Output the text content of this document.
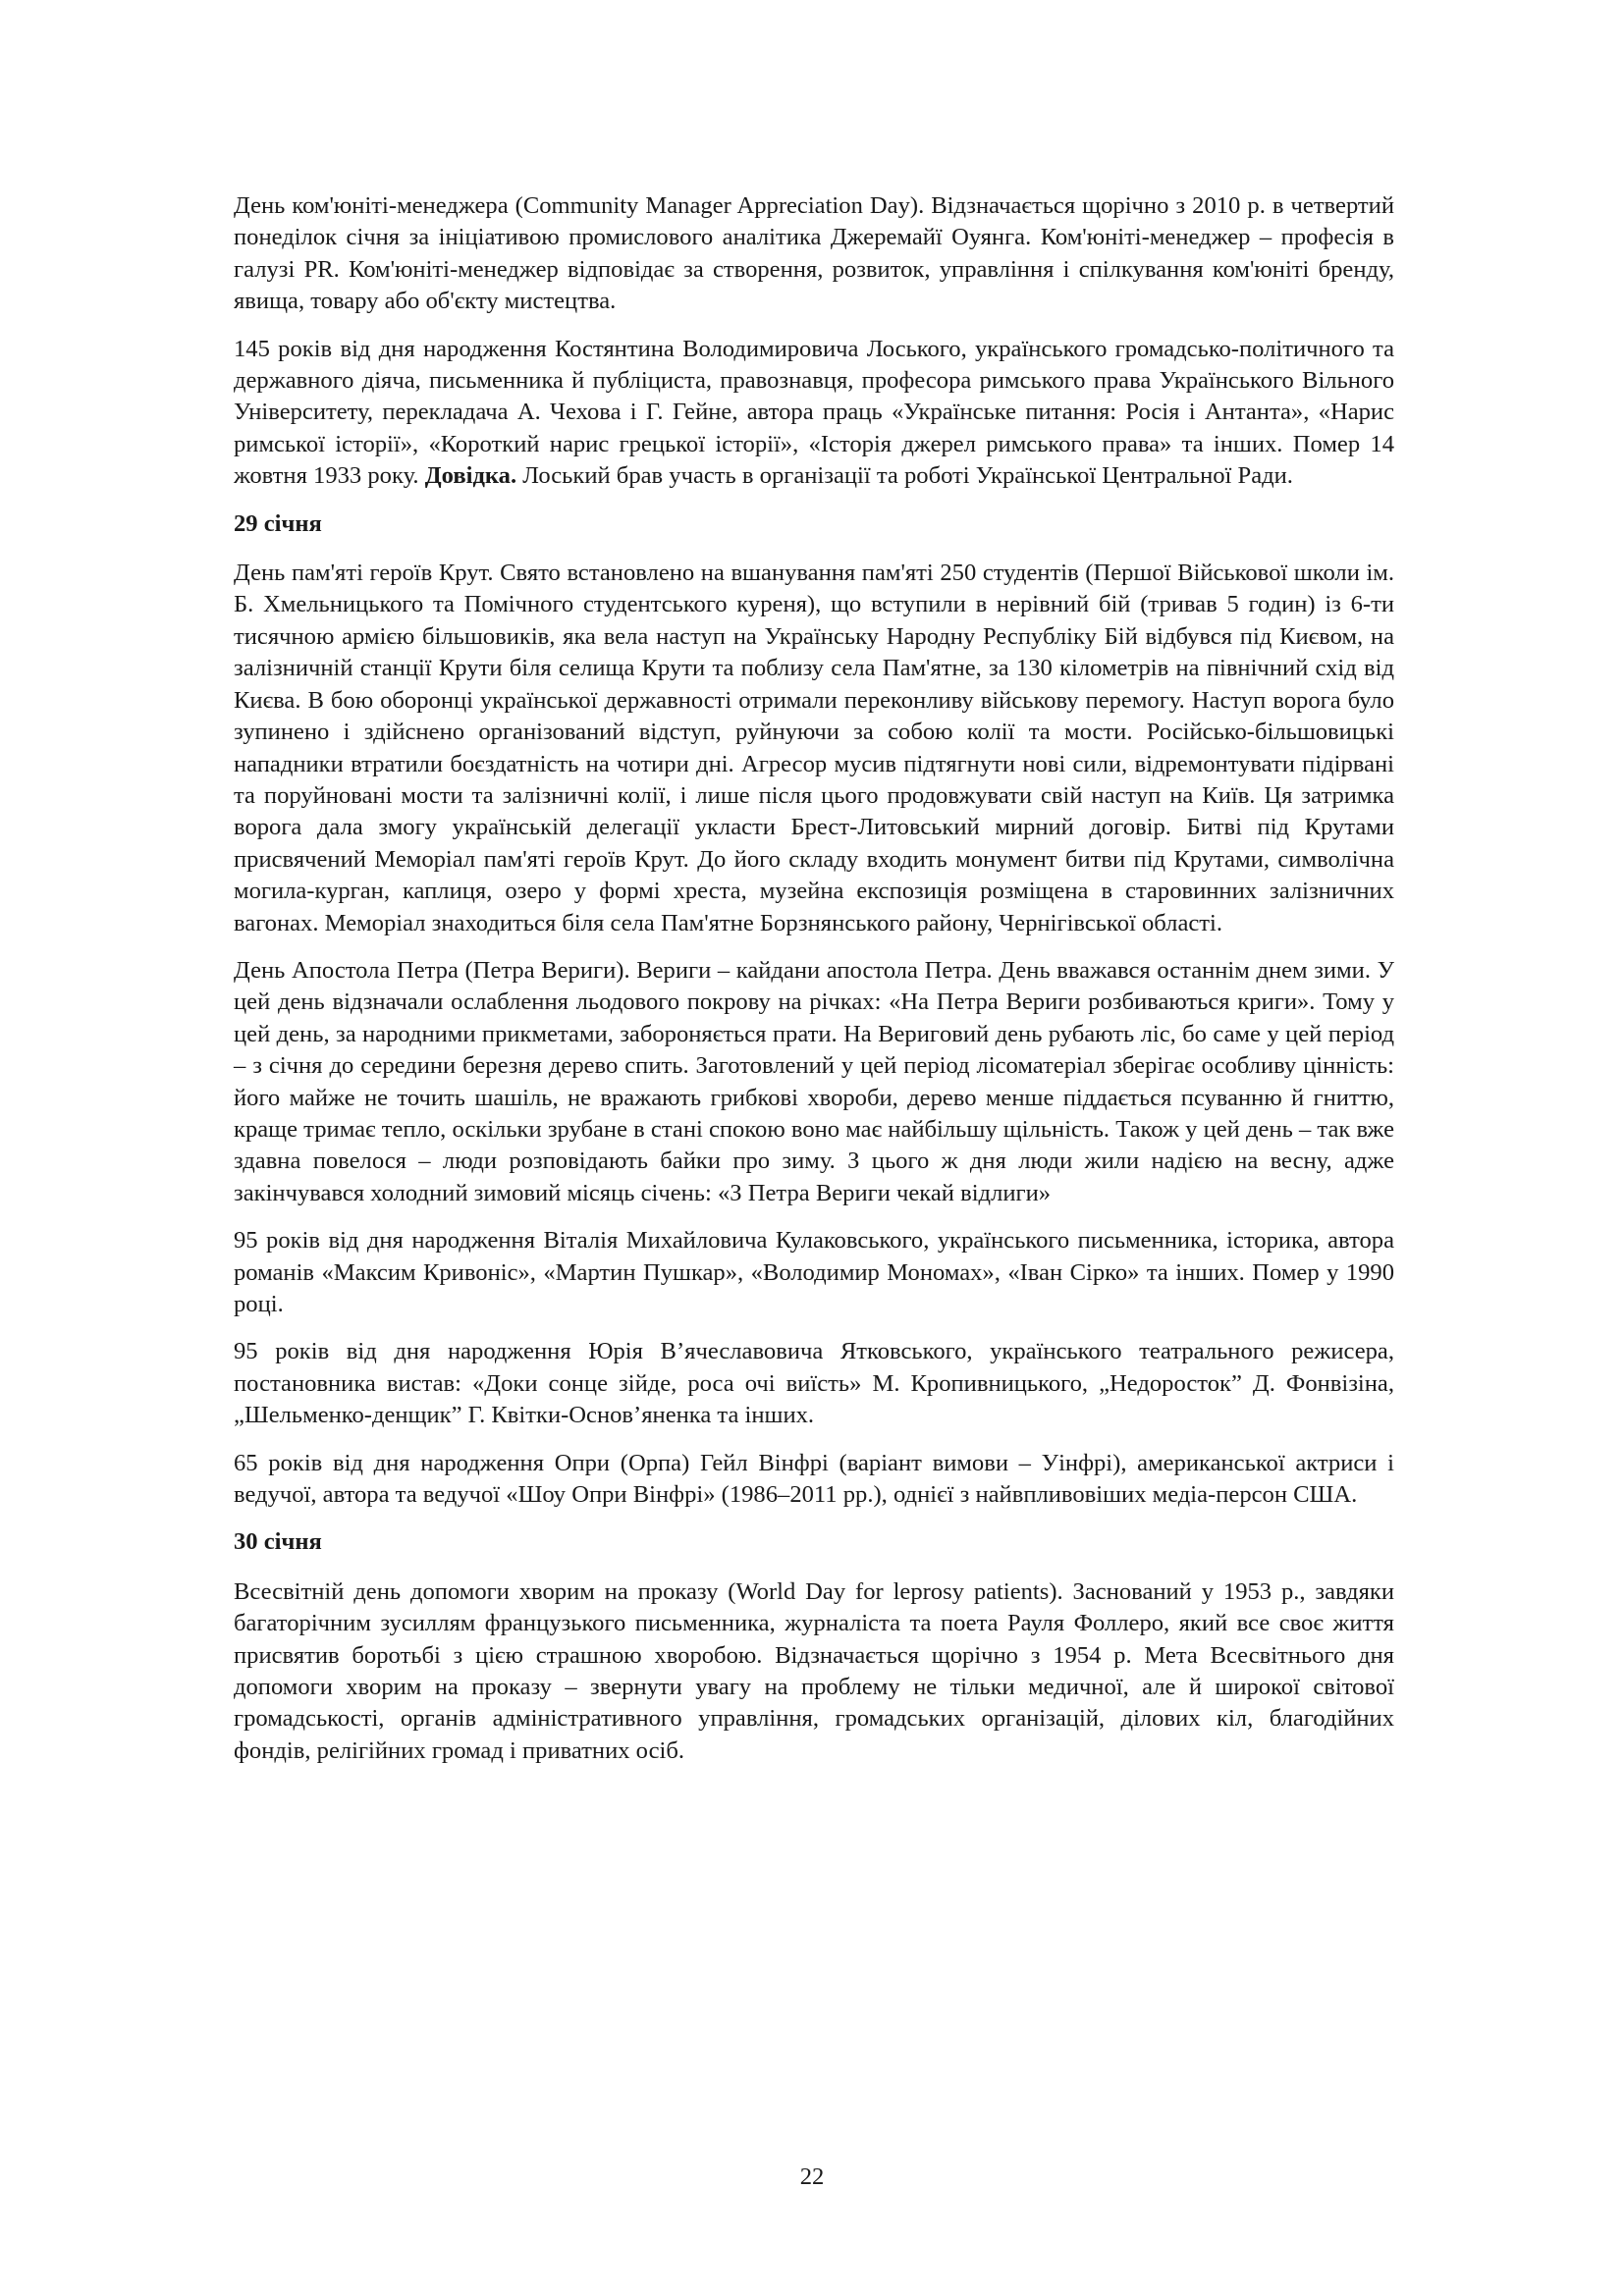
День ком'юніті-менеджера (Community Manager Appreciation Day). Відзначається щорічно з 2010 р. в четвертий понеділок січня за ініціативою промислового аналітика Джеремайї Оуянга. Ком'юніті-менеджер – професія в галузі PR. Ком'юніті-менеджер відповідає за створення, розвиток, управління і спілкування ком'юніті бренду, явища, товару або об'єкту мистецтва.

145 років від дня народження Костянтина Володимировича Лоського, українського громадсько-політичного та державного діяча, письменника й публіциста, правознавця, професора римського права Українського Вільного Університету, перекладача А. Чехова і Г. Гейне, автора праць «Українське питання: Росія і Антанта», «Нарис римської історії», «Короткий нарис грецької історії», «Історія джерел римського права» та інших. Помер 14 жовтня 1933 року. Довідка. Лоський брав участь в організації та роботі Української Центральної Ради.

29 січня

День пам'яті героїв Крут. Свято встановлено на вшанування пам'яті 250 студентів (Першої Військової школи ім. Б. Хмельницького та Помічного студентського куреня), що вступили в нерівний бій (тривав 5 годин) із 6-ти тисячною армією більшовиків, яка вела наступ на Українську Народну Республіку Бій відбувся під Києвом, на залізничній станції Крути біля селища Крути та поблизу села Пам'ятне, за 130 кілометрів на північний схід від Києва. В бою оборонці української державності отримали переконливу військову перемогу. Наступ ворога було зупинено і здійснено організований відступ, руйнуючи за собою колії та мости. Російсько-більшовицькі нападники втратили боєздатність на чотири дні. Агресор мусив підтягнути нові сили, відремонтувати підірвані та поруйновані мости та залізничні колії, і лише після цього продовжувати свій наступ на Київ. Ця затримка ворога дала змогу українській делегації укласти Брест-Литовський мирний договір. Битві під Крутами присвячений Меморіал пам'яті героїв Крут. До його складу входить монумент битви під Крутами, символічна могила-курган, каплиця, озеро у формі хреста, музейна експозиція розміщена в старовинних залізничних вагонах. Меморіал знаходиться біля села Пам'ятне Борзнянського району, Чернігівської області.

День Апостола Петра (Петра Вериги). Вериги – кайдани апостола Петра. День вважався останнім днем зими. У цей день відзначали ослаблення льодового покрову на річках: «На Петра Вериги розбиваються криги». Тому у цей день, за народними прикметами, забороняється прати. На Веригoвий день рубають ліс, бо саме у цей період – з січня до середини березня дерево спить. Заготовлений у цей період лісоматеріал зберігає особливу цінність: його майже не точить шашіль, не вражають грибкові хвороби, дерево менше піддається псуванню й гниттю, краще тримає тепло, оскільки зрубане в стані спокою воно має найбільшу щільність. Також у цей день – так вже здавна повелося – люди розповідають байки про зиму. З цього ж дня люди жили надією на весну, адже закінчувався холодний зимовий місяць січень: «З Петра Вериги чекай відлиги»

95 років від дня народження Віталія Михайловича Кулаковського, українського письменника, історика, автора романів «Максим Кривоніс», «Мартин Пушкар», «Володимир Мономах», «Іван Сірко» та інших. Помер у 1990 році.

95 років від дня народження Юрія В’ячеславовича Ятковського, українського театрального режисера, постановника вистав: «Доки сонце зійде, роса очі виїсть» М. Кропивницького, „Недоросток” Д. Фонвізіна, „Шельменко-денщик” Г. Квітки-Основ’яненка та інших.

65 років від дня народження Опри (Орпа) Гейл Вінфрі (варіант вимови – Уінфрі), американської актриси і ведучої, автора та ведучої «Шоу Опри Вінфрі» (1986–2011 рр.), однієї з найвпливовіших медіа-персон США.

30 січня

Всесвітній день допомоги хворим на проказу (World Day for leprosy patients). Заснований у 1953 р., завдяки багаторічним зусиллям французького письменника, журналіста та поета Рауля Фоллеро, який все своє життя присвятив боротьбі з цією страшною хворобою. Відзначається щорічно з 1954 р. Мета Всесвітнього дня допомоги хворим на проказу – звернути увагу на проблему не тільки медичної, але й широкої світової громадськості, органів адміністративного управління, громадських організацій, ділових кіл, благодійних фондів, релігійних громад і приватних осіб.

22
